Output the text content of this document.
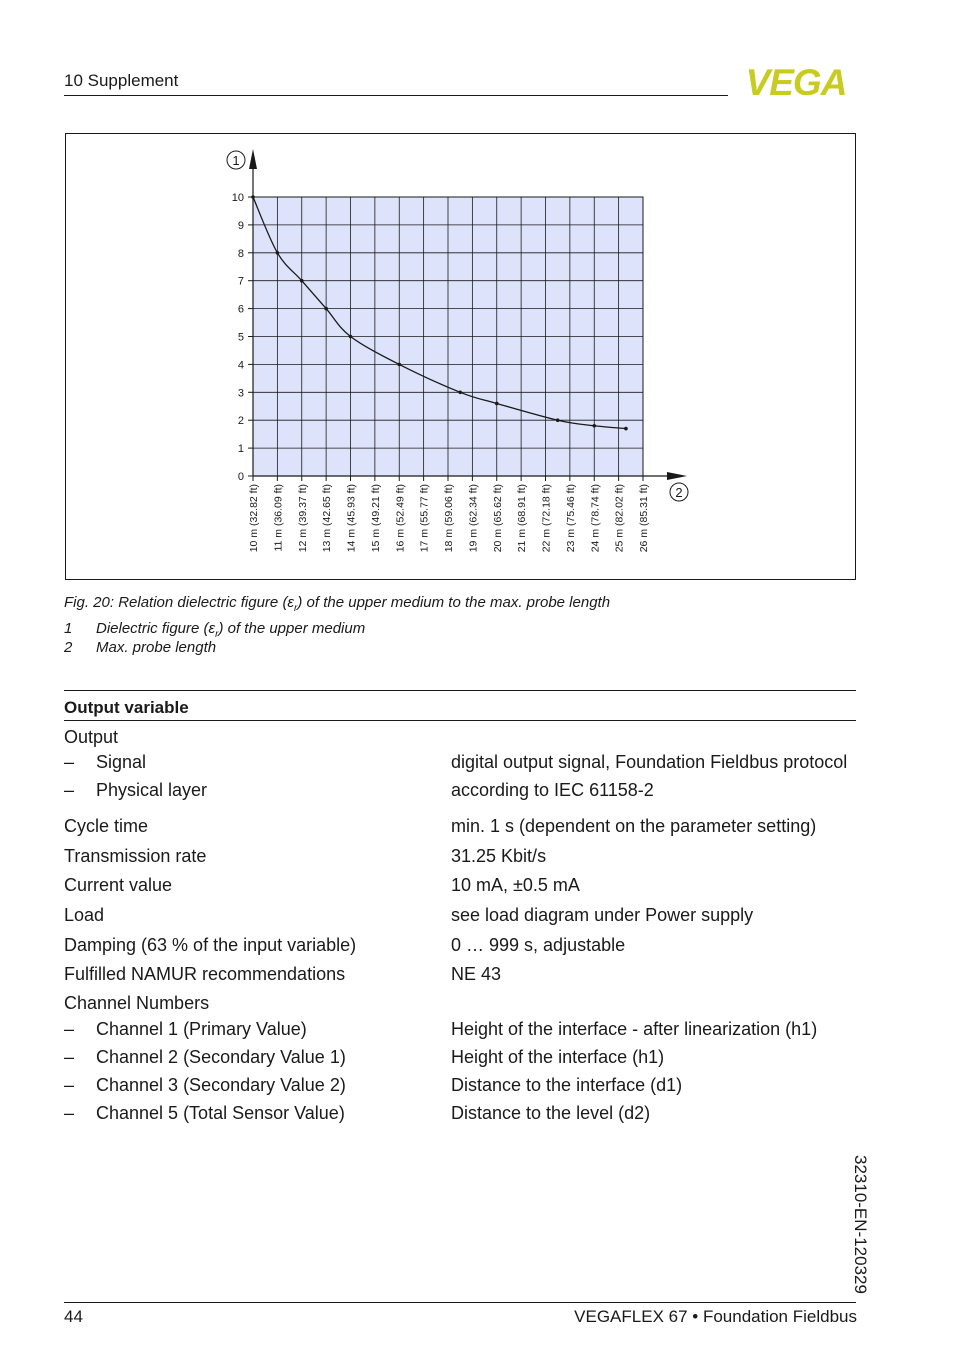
10 Supplement	VEGA
0
1
2
3
4
5
6
7
8
9
10
10 m (32.82 ft) 11 m (36.09 ft) 12 m (39.37 ft) 13 m (42.65 ft) 14 m (45.93 ft) 15 m (49.21 ft) 16 m (52.49 ft) 17 m (55.77 ft) 18 m (59.06 ft) 19 m (62.34 ft) 20 m (65.62 ft) 21 m (68.91 ft) 22 m (72.18 ft) 23 m (75.46 ft) 24 m (78.74 ft) 25 m (82.02 ft) 26 m (85.31 ft)
1
2
Fig. 20: Relation dielectric figure $(\varepsilon_r)$ of the upper medium to the max. probe length
1 Dielectric figure $(\varepsilon_r)$ of the upper medium
2 Max. probe length
Output variable
Output
– Signal	digital output signal, Foundation Fieldbus protocol
– Physical layer	according to IEC 61158-2
Cycle time	min. 1 s (dependent on the parameter setting)
Transmission rate	31.25 Kbit/s
Current value	10 mA, ±0.5 mA
Load	see load diagram under Power supply
Damping (63 % of the input variable)	0 … 999 s, adjustable
Fulfilled NAMUR recommendations	NE 43
Channel Numbers
– Channel 1 (Primary Value)	Height of the interface - after linearization (h1)
– Channel 2 (Secondary Value 1)	Height of the interface (h1)
– Channel 3 (Secondary Value 2)	Distance to the interface (d1)
– Channel 5 (Total Sensor Value)	Distance to the level (d2)
32310-EN-120329
44	VEGAFLEX 67 • Foundation Fieldbus
